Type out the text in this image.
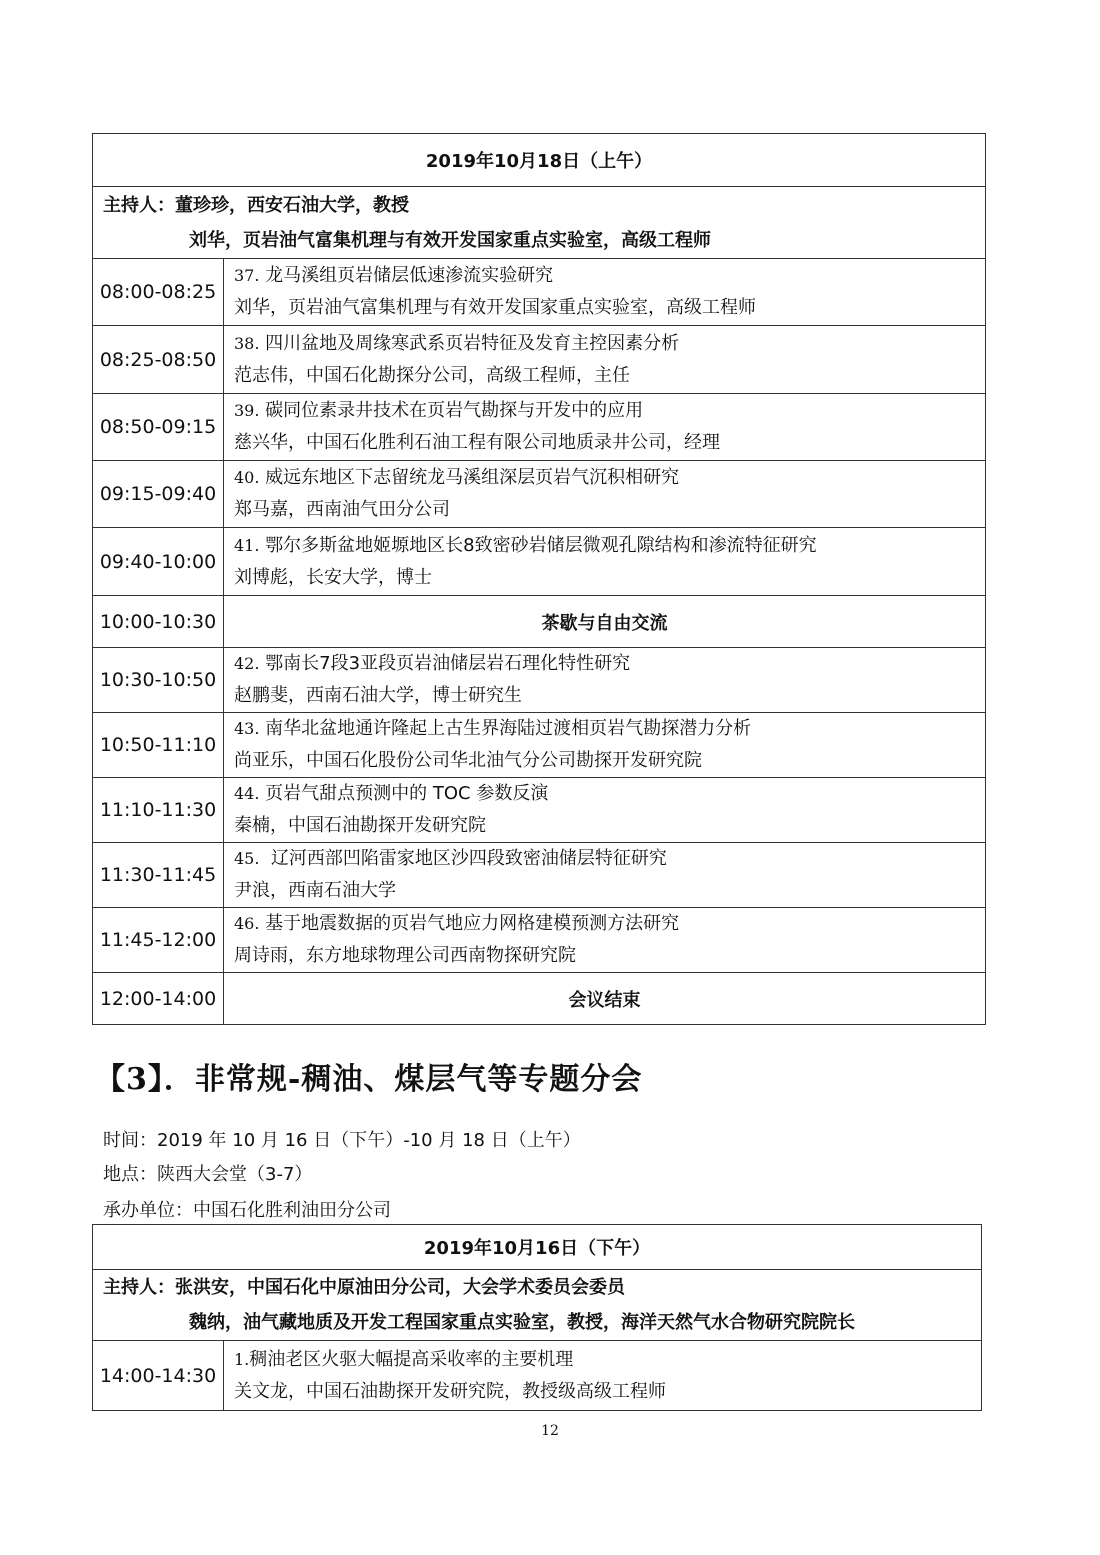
2019年10月18日（上午）	

主持人：董珍珍，西安石油大学，教授
刘华，页岩油气富集机理与有效开发国家重点实验室，高级工程师	

08:00-08:25	37. 龙马溪组页岩储层低速渗流实验研究
刘华，页岩油气富集机理与有效开发国家重点实验室，高级工程师

08:25-08:50	38. 四川盆地及周缘寒武系页岩特征及发育主控因素分析
范志伟，中国石化勘探分公司，高级工程师，主任

08:50-09:15	39. 碳同位素录井技术在页岩气勘探与开发中的应用
慈兴华，中国石化胜利石油工程有限公司地质录井公司，经理

09:15-09:40	40. 威远东地区下志留统龙马溪组深层页岩气沉积相研究
郑马嘉，西南油气田分公司

09:40-10:00	41. 鄂尔多斯盆地姬塬地区长8致密砂岩储层微观孔隙结构和渗流特征研究
刘博彪，长安大学，博士

10:00-10:30	茶歇与自由交流
10:30-10:50	42. 鄂南长7段3亚段页岩油储层岩石理化特性研究
赵鹏斐，西南石油大学，博士研究生

10:50-11:10	43. 南华北盆地通许隆起上古生界海陆过渡相页岩气勘探潜力分析
尚亚乐，中国石化股份公司华北油气分公司勘探开发研究院

11:10-11:30	44. 页岩气甜点预测中的 TOC 参数反演
秦楠，中国石油勘探开发研究院

11:30-11:45	45.  辽河西部凹陷雷家地区沙四段致密油储层特征研究
尹浪，西南石油大学

11:45-12:00	46. 基于地震数据的页岩气地应力网格建模预测方法研究
周诗雨，东方地球物理公司西南物探研究院

12:00-14:00	会议结束
【3】．非常规-稠油、煤层气等专题分会
时间：2019 年 10 月 16 日（下午）-10 月 18 日（上午）
地点：陕西大会堂（3-7）
承办单位：中国石化胜利油田分公司
2019年10月16日（下午）

主持人：张洪安，中国石化中原油田分公司，大会学术委员会委员
魏纳，油气藏地质及开发工程国家重点实验室，教授，海洋天然气水合物研究院院长

14:00-14:30	
1.稠油老区火驱大幅提高采收率的主要机理
关文龙，中国石油勘探开发研究院，教授级高级工程师
12
